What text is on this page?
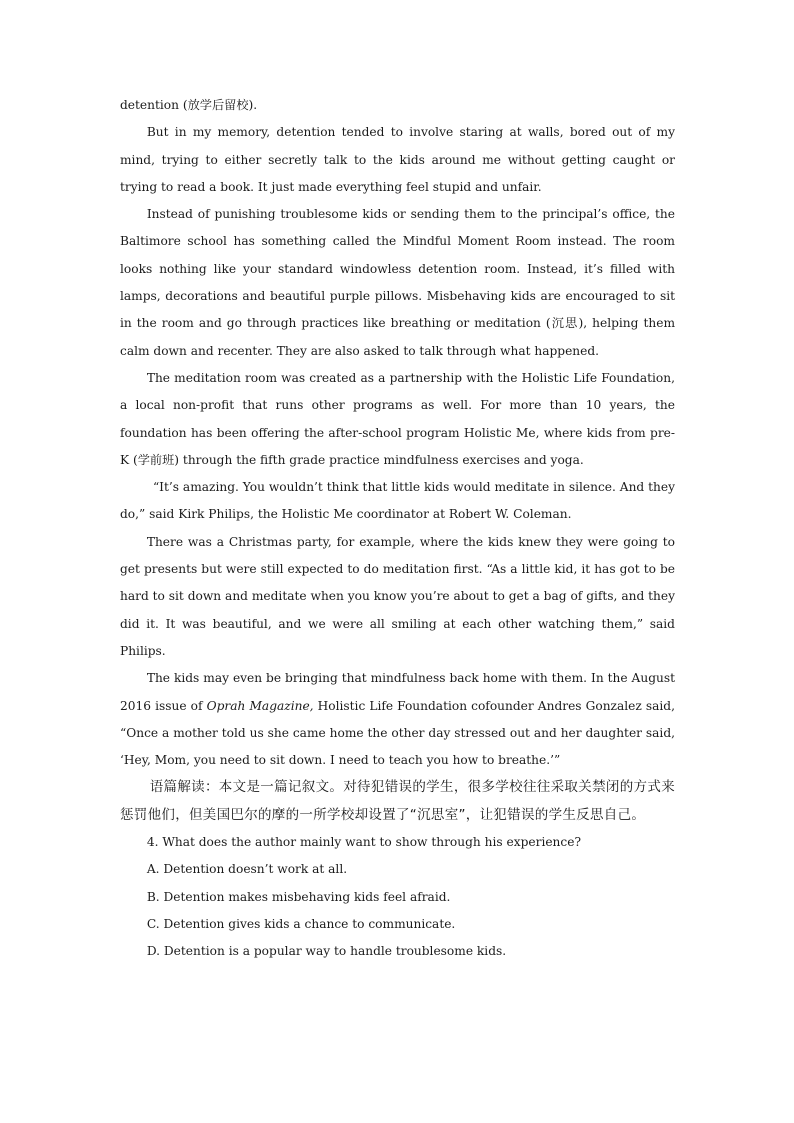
detention (放学后留校).

But in my memory, detention tended to involve staring at walls, bored out of my mind, trying to either secretly talk to the kids around me without getting caught or trying to read a book. It just made everything feel stupid and unfair.

Instead of punishing troublesome kids or sending them to the principal’s office, the Baltimore school has something called the Mindful Moment Room instead. The room looks nothing like your standard windowless detention room. Instead, it’s filled with lamps, decorations and beautiful purple pillows. Misbehaving kids are encouraged to sit in the room and go through practices like breathing or meditation (沉思), helping them calm down and recenter. They are also asked to talk through what happened.

The meditation room was created as a partnership with the Holistic Life Foundation, a local non-profit that runs other programs as well. For more than 10 years, the foundation has been offering the after-school program Holistic Me, where kids from pre-K (学前班) through the fifth grade practice mindfulness exercises and yoga.

“It’s amazing. You wouldn’t think that little kids would meditate in silence. And they do,” said Kirk Philips, the Holistic Me coordinator at Robert W. Coleman.

There was a Christmas party, for example, where the kids knew they were going to get presents but were still expected to do meditation first. “As a little kid, it has got to be hard to sit down and meditate when you know you’re about to get a bag of gifts, and they did it. It was beautiful, and we were all smiling at each other watching them,” said Philips.

The kids may even be bringing that mindfulness back home with them. In the August 2016 issue of Oprah Magazine, Holistic Life Foundation cofounder Andres Gonzalez said, “Once a mother told us she came home the other day stressed out and her daughter said, ‘Hey, Mom, you need to sit down. I need to teach you how to breathe.’”

语篇解读：本文是一篇记叙文。对待犯错误的学生，很多学校往往采取关禁闭的方式来惩罚他们，但美国巴尔的摩的一所学校却设置了“沉思室”，让犯错误的学生反思自己。

4. What does the author mainly want to show through his experience?

A. Detention doesn’t work at all.

B. Detention makes misbehaving kids feel afraid.

C. Detention gives kids a chance to communicate.

D. Detention is a popular way to handle troublesome kids.
